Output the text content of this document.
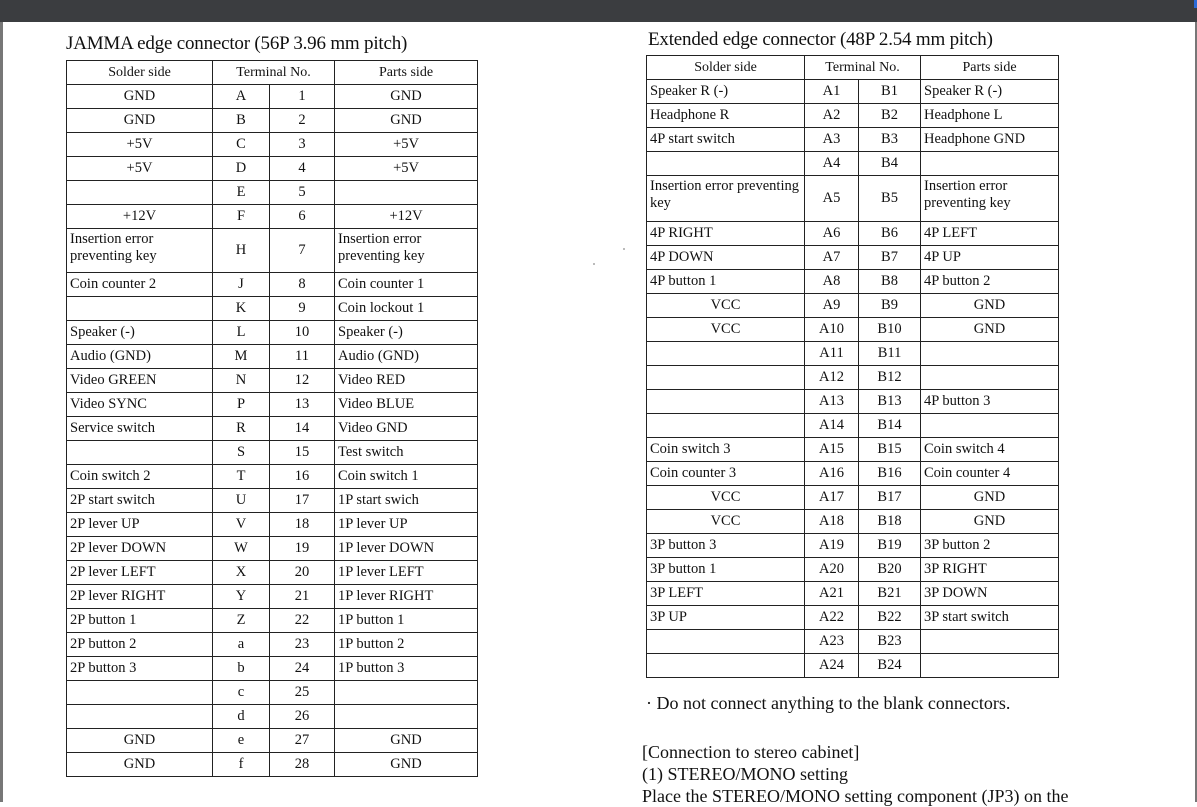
JAMMA edge connector (56P 3.96 mm pitch)
Solder side	Terminal No.		Parts side
GND	A	1	GND
GND	B	2	GND
+5V	C	3	+5V
+5V	D	4	+5V
	E	5	
+12V	F	6	+12V
Insertion error preventing key	H	7	Insertion error preventing key
Coin counter 2	J	8	Coin counter 1
	K	9	Coin lockout 1
Speaker (-)	L	10	Speaker (-)
Audio (GND)	M	11	Audio (GND)
Video GREEN	N	12	Video RED
Video SYNC	P	13	Video BLUE
Service switch	R	14	Video GND
	S	15	Test switch
Coin switch 2	T	16	Coin switch 1
2P start switch	U	17	1P start swich
2P lever UP	V	18	1P lever UP
2P lever DOWN	W	19	1P lever DOWN
2P lever LEFT	X	20	1P lever LEFT
2P lever RIGHT	Y	21	1P lever RIGHT
2P button 1	Z	22	1P button 1
2P button 2	a	23	1P button 2
2P button 3	b	24	1P button 3
	c	25	
	d	26	
GND	e	27	GND
GND	f	28	GND
Extended edge connector (48P 2.54 mm pitch)
Solder side	Terminal No.		Parts side
Speaker R (-)	A1	B1	Speaker R (-)
Headphone R	A2	B2	Headphone L
4P start switch	A3	B3	Headphone GND
	A4	B4	
Insertion error preventing key	A5	B5	Insertion error preventing key
4P RIGHT	A6	B6	4P LEFT
4P DOWN	A7	B7	4P UP
4P button 1	A8	B8	4P button 2
VCC	A9	B9	GND
VCC	A10	B10	GND
	A11	B11	
	A12	B12	
	A13	B13	4P button 3
	A14	B14	
Coin switch 3	A15	B15	Coin switch 4
Coin counter 3	A16	B16	Coin counter 4
VCC	A17	B17	GND
VCC	A18	B18	GND
3P button 3	A19	B19	3P button 2
3P button 1	A20	B20	3P RIGHT
3P LEFT	A21	B21	3P DOWN
3P UP	A22	B22	3P start switch
	A23	B23	
	A24	B24	
· Do not connect anything to the blank connectors.
[Connection to stereo cabinet]
(1) STEREO/MONO setting
Place the STEREO/MONO setting component (JP3) on the
